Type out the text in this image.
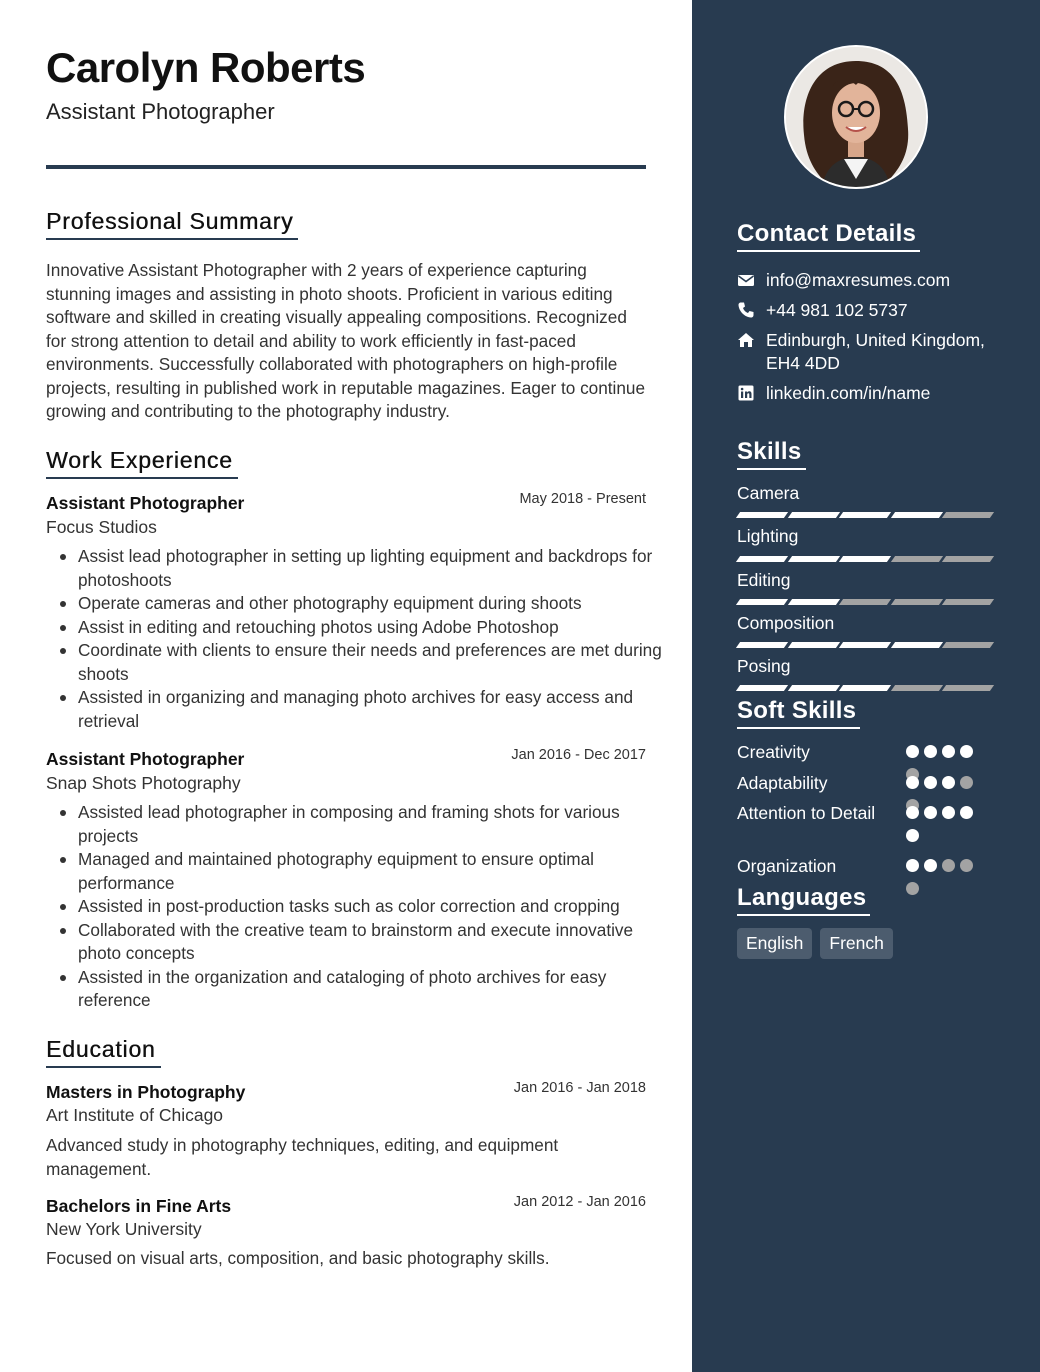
Carolyn Roberts
Assistant Photographer
Professional Summary

Innovative Assistant Photographer with 2 years of experience capturing stunning images and assisting in photo shoots. Proficient in various editing software and skilled in creating visually appealing compositions. Recognized for strong attention to detail and ability to work efficiently in fast-paced environments. Successfully collaborated with photographers on high-profile projects, resulting in published work in reputable magazines. Eager to continue growing and contributing to the photography industry.

Work Experience
Assistant Photographer	May 2018 - Present
Focus Studios
Assist lead photographer in setting up lighting equipment and backdrops for photoshoots
Operate cameras and other photography equipment during shoots
Assist in editing and retouching photos using Adobe Photoshop
Coordinate with clients to ensure their needs and preferences are met during shoots
Assisted in organizing and managing photo archives for easy access and retrieval
Assistant Photographer	Jan 2016 - Dec 2017
Snap Shots Photography
Assisted lead photographer in composing and framing shots for various projects
Managed and maintained photography equipment to ensure optimal performance
Assisted in post-production tasks such as color correction and cropping
Collaborated with the creative team to brainstorm and execute innovative photo concepts
Assisted in the organization and cataloging of photo archives for easy reference
Education
Masters in Photography	Jan 2016 - Jan 2018
Art Institute of Chicago

Advanced study in photography techniques, editing, and equipment management.

Bachelors in Fine Arts	Jan 2012 - Jan 2016
New York University

Focused on visual arts, composition, and basic photography skills.

Contact Details
info@maxresumes.com
+44 981 102 5737
Edinburgh, United Kingdom, EH4 4DD
linkedin.com/in/name
Skills
Camera
Lighting
Editing
Composition
Posing
Soft Skills
Creativity
Adaptability
Attention to Detail
Organization
Languages
English	French
